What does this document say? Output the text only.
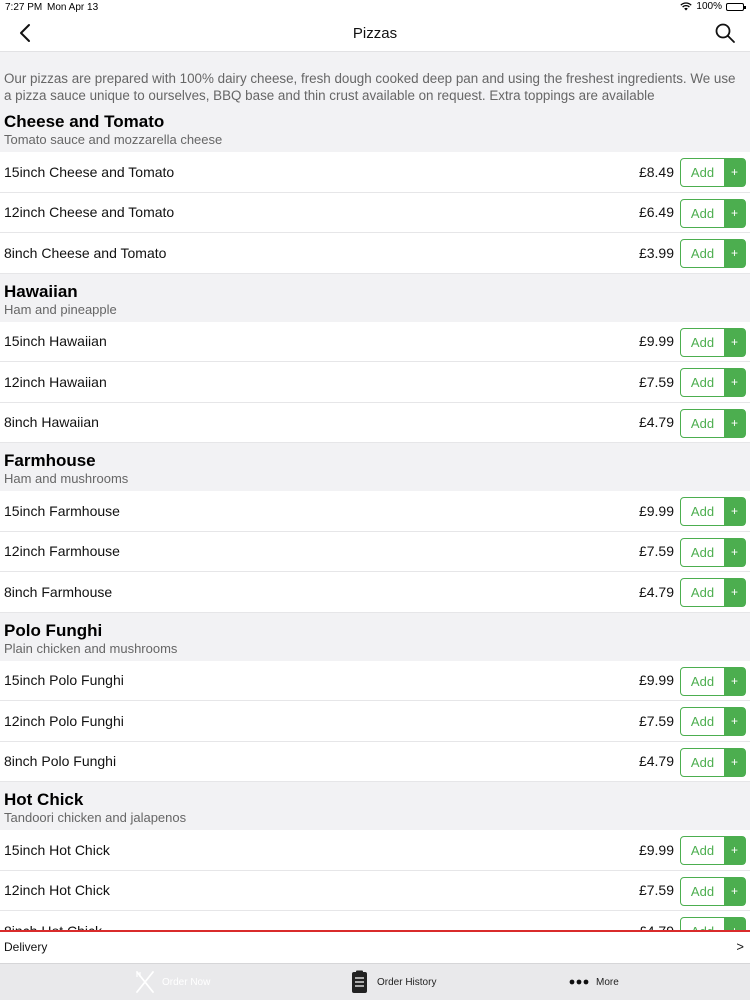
7:27 PM Mon Apr 13	100%
Pizzas
Our pizzas are prepared with 100% dairy cheese, fresh dough cooked deep pan and using the freshest ingredients. We use a pizza sauce unique to ourselves, BBQ base and thin crust available on request. Extra toppings are available
Cheese and Tomato
Tomato sauce and mozzarella cheese
15inch Cheese and Tomato	£8.49	Add	+
12inch Cheese and Tomato	£6.49	Add	+
8inch Cheese and Tomato	£3.99	Add	+
Hawaiian
Ham and pineapple
15inch Hawaiian	£9.99	Add	+
12inch Hawaiian	£7.59	Add	+
8inch Hawaiian	£4.79	Add	+
Farmhouse
Ham and mushrooms
15inch Farmhouse	£9.99	Add	+
12inch Farmhouse	£7.59	Add	+
8inch Farmhouse	£4.79	Add	+
Polo Funghi
Plain chicken and mushrooms
15inch Polo Funghi	£9.99	Add	+
12inch Polo Funghi	£7.59	Add	+
8inch Polo Funghi	£4.79	Add	+
Hot Chick
Tandoori chicken and jalapenos
15inch Hot Chick	£9.99	Add	+
12inch Hot Chick	£7.59	Add	+
Delivery	>
Order Now	Order History	More
